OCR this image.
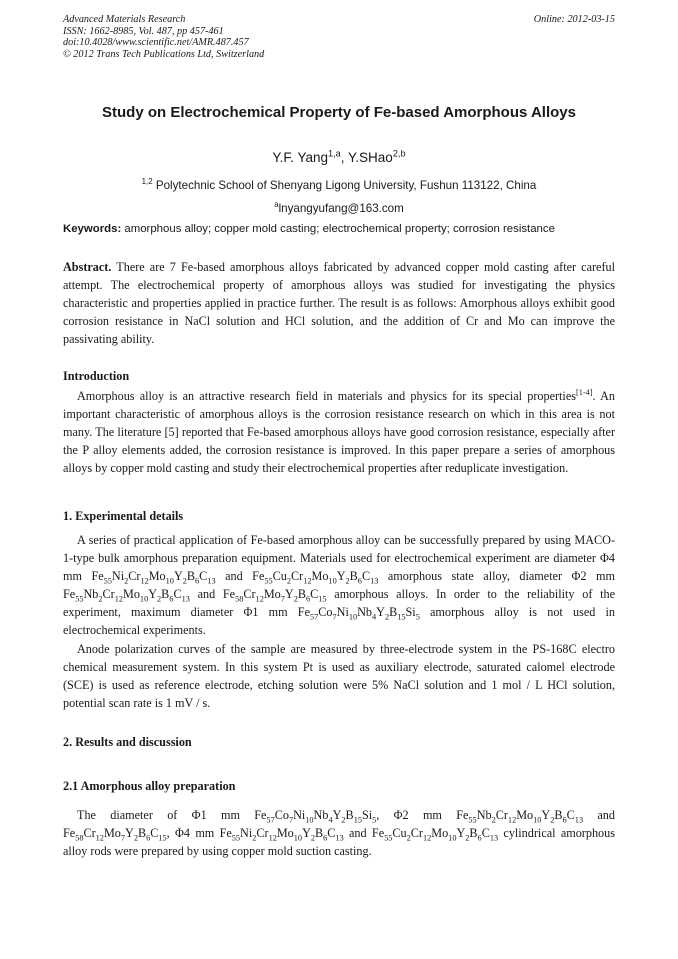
Advanced Materials Research
ISSN: 1662-8985, Vol. 487, pp 457-461
doi:10.4028/www.scientific.net/AMR.487.457
© 2012 Trans Tech Publications Ltd, Switzerland
Online: 2012-03-15
Study on Electrochemical Property of Fe-based Amorphous Alloys
Y.F. Yang$^{1,a}$, Y.SHao$^{2,b}$
$^{1,2}$ Polytechnic School of Shenyang Ligong University, Fushun 113122, China
$^a$lnyangyufang@163.com
Keywords: amorphous alloy; copper mold casting; electrochemical property; corrosion resistance
Abstract. There are 7 Fe-based amorphous alloys fabricated by advanced copper mold casting after careful attempt. The electrochemical property of amorphous alloys was studied for investigating the physics characteristic and properties applied in practice further. The result is as follows: Amorphous alloys exhibit good corrosion resistance in NaCl solution and HCl solution, and the addition of Cr and Mo can improve the passivating ability.
Introduction
Amorphous alloy is an attractive research field in materials and physics for its special properties[1-4]. An important characteristic of amorphous alloys is the corrosion resistance research on which in this area is not many. The literature [5] reported that Fe-based amorphous alloys have good corrosion resistance, especially after the P alloy elements added, the corrosion resistance is improved. In this paper prepare a series of amorphous alloys by copper mold casting and study their electrochemical properties after reduplicate investigation.
1. Experimental details
A series of practical application of Fe-based amorphous alloy can be successfully prepared by using MACO-1-type bulk amorphous preparation equipment. Materials used for electrochemical experiment are diameter Φ4 mm $Fe_{55}Ni_2Cr_{12}Mo_{10}Y_2B_6C_{13}$ and $Fe_{55}Cu_2Cr_{12}Mo_{10}Y_2B_6C_{13}$ amorphous state alloy, diameter Φ2 mm $Fe_{55}Nb_2Cr_{12}Mo_{10}Y_2B_6C_{13}$ and $Fe_{58}Cr_{12}Mo_7Y_2B_6C_{15}$ amorphous alloys. In order to the reliability of the experiment, maximum diameter Φ1 mm $Fe_{57}Co_7Ni_{10}Nb_4Y_2B_{15}Si_5$ amorphous alloy is not used in electrochemical experiments.
Anode polarization curves of the sample are measured by three-electrode system in the PS-168C electro chemical measurement system. In this system Pt is used as auxiliary electrode, saturated calomel electrode (SCE) is used as reference electrode, etching solution were 5% NaCl solution and 1 mol / L HCl solution, potential scan rate is 1 mV / s.
2. Results and discussion
2.1 Amorphous alloy preparation
The diameter of Φ1 mm $Fe_{57}Co_7Ni_{10}Nb_4Y_2B_{15}Si_5$, Φ2 mm $Fe_{55}Nb_2Cr_{12}Mo_{10}Y_2B_6C_{13}$ and $Fe_{58}Cr_{12}Mo_7Y_2B_6C_{15}$, Φ4 mm $Fe_{55}Ni_2Cr_{12}Mo_{10}Y_2B_6C_{13}$ and $Fe_{55}Cu_2Cr_{12}Mo_{10}Y_2B_6C_{13}$ cylindrical amorphous alloy rods were prepared by using copper mold suction casting.
